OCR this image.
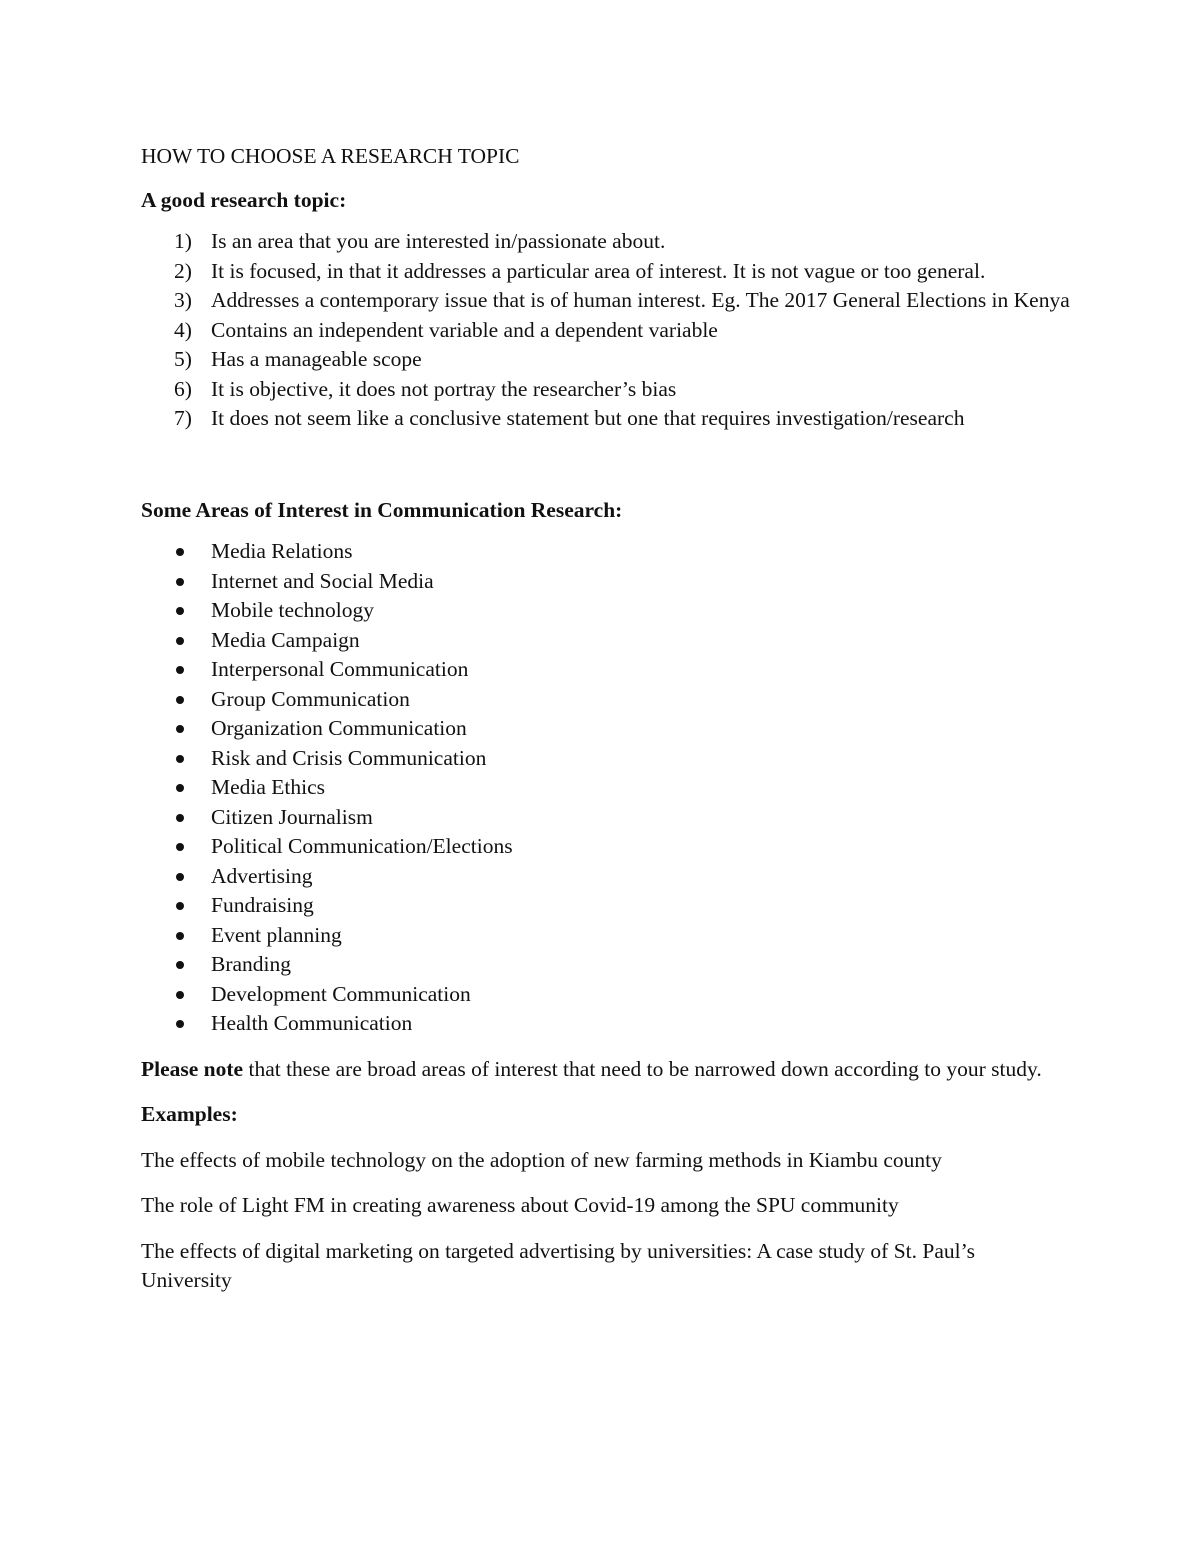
HOW TO CHOOSE A RESEARCH TOPIC

A good research topic:

1) Is an area that you are interested in/passionate about.
2) It is focused, in that it addresses a particular area of interest. It is not vague or too general.
3) Addresses a contemporary issue that is of human interest. Eg. The 2017 General Elections in Kenya
4) Contains an independent variable and a dependent variable
5) Has a manageable scope
6) It is objective, it does not portray the researcher’s bias
7) It does not seem like a conclusive statement but one that requires investigation/research

Some Areas of Interest in Communication Research:

Media Relations
Internet and Social Media
Mobile technology
Media Campaign
Interpersonal Communication
Group Communication
Organization Communication
Risk and Crisis Communication
Media Ethics
Citizen Journalism
Political Communication/Elections
Advertising
Fundraising
Event planning
Branding
Development Communication
Health Communication

Please note that these are broad areas of interest that need to be narrowed down according to your study.

Examples:

The effects of mobile technology on the adoption of new farming methods in Kiambu county

The role of Light FM in creating awareness about Covid-19 among the SPU community

The effects of digital marketing on targeted advertising by universities: A case study of St. Paul’s University
